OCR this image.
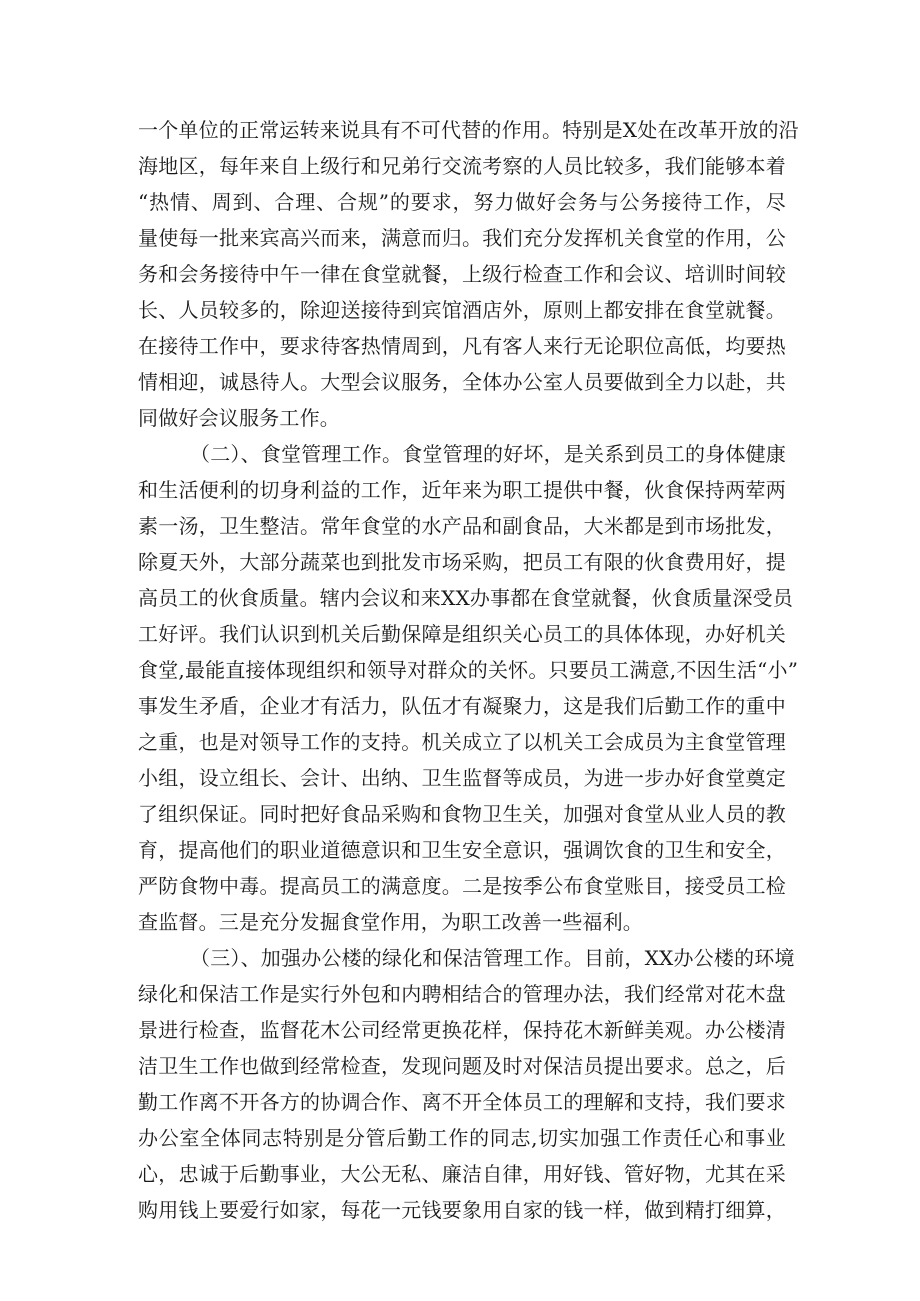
一个单位的正常运转来说具有不可代替的作用。特别是X处在改革开放的沿
海地区，每年来自上级行和兄弟行交流考察的人员比较多，我们能够本着
“热情、周到、合理、合规”的要求，努力做好会务与公务接待工作，尽
量使每一批来宾高兴而来，满意而归。我们充分发挥机关食堂的作用，公
务和会务接待中午一律在食堂就餐，上级行检查工作和会议、培训时间较
长、人员较多的，除迎送接待到宾馆酒店外，原则上都安排在食堂就餐。
在接待工作中，要求待客热情周到，凡有客人来行无论职位高低，均要热
情相迎，诚恳待人。大型会议服务，全体办公室人员要做到全力以赴，共
同做好会议服务工作。
（二）、食堂管理工作。食堂管理的好坏，是关系到员工的身体健康
和生活便利的切身利益的工作，近年来为职工提供中餐，伙食保持两荤两
素一汤，卫生整洁。常年食堂的水产品和副食品，大米都是到市场批发，
除夏天外，大部分蔬菜也到批发市场采购，把员工有限的伙食费用好，提
高员工的伙食质量。辖内会议和来XX办事都在食堂就餐，伙食质量深受员
工好评。我们认识到机关后勤保障是组织关心员工的具体体现，办好机关
食堂,最能直接体现组织和领导对群众的关怀。只要员工满意,不因生活“小”
事发生矛盾，企业才有活力，队伍才有凝聚力，这是我们后勤工作的重中
之重，也是对领导工作的支持。机关成立了以机关工会成员为主食堂管理
小组，设立组长、会计、出纳、卫生监督等成员，为进一步办好食堂奠定
了组织保证。同时把好食品采购和食物卫生关，加强对食堂从业人员的教
育，提高他们的职业道德意识和卫生安全意识，强调饮食的卫生和安全，
严防食物中毒。提高员工的满意度。二是按季公布食堂账目，接受员工检
查监督。三是充分发掘食堂作用，为职工改善一些福利。
（三）、加强办公楼的绿化和保洁管理工作。目前，XX办公楼的环境
绿化和保洁工作是实行外包和内聘相结合的管理办法，我们经常对花木盘
景进行检查，监督花木公司经常更换花样，保持花木新鲜美观。办公楼清
洁卫生工作也做到经常检查，发现问题及时对保洁员提出要求。总之，后
勤工作离不开各方的协调合作、离不开全体员工的理解和支持，我们要求
办公室全体同志特别是分管后勤工作的同志,切实加强工作责任心和事业
心，忠诚于后勤事业，大公无私、廉洁自律，用好钱、管好物，尤其在采
购用钱上要爱行如家，每花一元钱要象用自家的钱一样，做到精打细算，
